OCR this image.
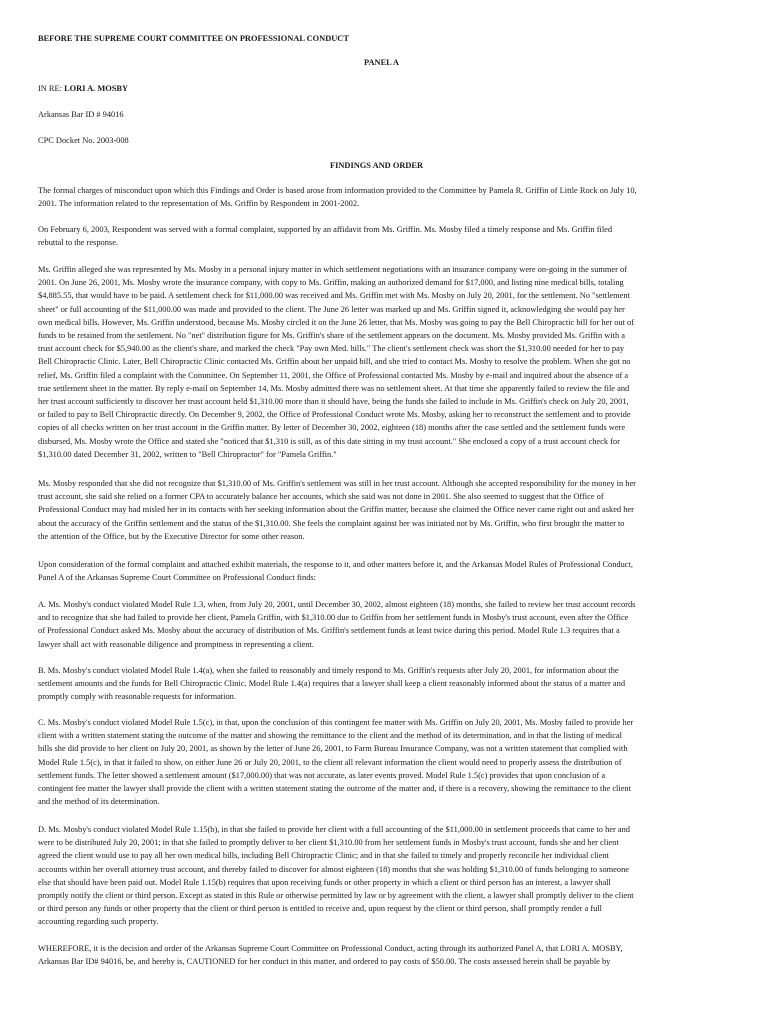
BEFORE THE SUPREME COURT COMMITTEE ON PROFESSIONAL CONDUCT
PANEL A
IN RE: LORI A. MOSBY
Arkansas Bar ID # 94016
CPC Docket No. 2003-008
FINDINGS AND ORDER
The formal charges of misconduct upon which this Findings and Order is based arose from information provided to the Committee by Pamela R. Griffin of Little Rock on July 10,
2001. The information related to the representation of Ms. Griffin by Respondent in 2001-2002.
On February 6, 2003, Respondent was served with a formal complaint, supported by an affidavit from Ms. Griffin. Ms. Mosby filed a timely response and Ms. Griffin filed
rebuttal to the response.
Ms. Griffin alleged she was represented by Ms. Mosby in a personal injury matter in which settlement negotiations with an insurance company were on-going in the summer of
2001. On June 26, 2001, Ms. Mosby wrote the insurance company, with copy to Ms. Griffin, making an authorized demand for $17,000, and listing nine medical bills, totaling
$4,885.55, that would have to be paid. A settlement check for $11,000.00 was received and Ms. Griffin met with Ms. Mosby on July 20, 2001, for the settlement. No "settlement
sheet" or full accounting of the $11,000.00 was made and provided to the client. The June 26 letter was marked up and Ms. Griffin signed it, acknowledging she would pay her
own medical bills. However, Ms. Griffin understood, because Ms. Mosby circled it on the June 26 letter, that Ms. Mosby was going to pay the Bell Chiropractic bill for her out of
funds to be retained from the settlement. No "net" distribution figure for Ms. Griffin's share of the settlement appears on the document. Ms. Mosby provided Ms. Griffin with a
trust account check for $5,940.00 as the client's share, and marked the check "Pay own Med. bills." The client's settlement check was short the $1,310.00 needed for her to pay
Bell Chiropractic Clinic. Later, Bell Chiropractic Clinic contacted Ms. Griffin about her unpaid bill, and she tried to contact Ms. Mosby to resolve the problem. When she got no
relief, Ms. Griffin filed a complaint with the Committee. On September 11, 2001, the Office of Professional contacted Ms. Mosby by e-mail and inquired about the absence of a
true settlement sheet in the matter. By reply e-mail on September 14, Ms. Mosby admitted there was no settlement sheet. At that time she apparently failed to review the file and
her trust account sufficiently to discover her trust account held $1,310.00 more than it should have, being the funds she failed to include in Ms. Griffin's check on July 20, 2001,
or failed to pay to Bell Chiropractic directly. On December 9, 2002, the Office of Professional Conduct wrote Ms. Mosby, asking her to reconstruct the settlement and to provide
copies of all checks written on her trust account in the Griffin matter. By letter of December 30, 2002, eighteen (18) months after the case settled and the settlement funds were
disbursed, Ms. Mosby wrote the Office and stated she "noticed that $1,310 is still, as of this date sitting in my trust account." She enclosed a copy of a trust account check for
$1,310.00 dated December 31, 2002, written to "Bell Chiropractor" for "Pamela Griffin."
Ms. Mosby responded that she did not recognize that $1,310.00 of Ms. Griffin's settlement was still in her trust account. Although she accepted responsibility for the money in her
trust account, she said she relied on a former CPA to accurately balance her accounts, which she said was not done in 2001. She also seemed to suggest that the Office of
Professional Conduct may had misled her in its contacts with her seeking information about the Griffin matter, because she claimed the Office never came right out and asked her
about the accuracy of the Griffin settlement and the status of the $1,310.00. She feels the complaint against her was initiated not by Ms. Griffin, who first brought the matter to
the attention of the Office, but by the Executive Director for some other reason.
Upon consideration of the formal complaint and attached exhibit materials, the response to it, and other matters before it, and the Arkansas Model Rules of Professional Conduct,
Panel A of the Arkansas Supreme Court Committee on Professional Conduct finds:
A. Ms. Mosby's conduct violated Model Rule 1.3, when, from July 20, 2001, until December 30, 2002, almost eighteen (18) months, she failed to review her trust account records
and to recognize that she had failed to provide her client, Pamela Griffin, with $1,310.00 due to Griffin from her settlement funds in Mosby's trust account, even after the Office
of Professional Conduct asked Ms. Mosby about the accuracy of distribution of Ms. Griffin's settlement funds at least twice during this period. Model Rule 1.3 requires that a
lawyer shall act with reasonable diligence and promptness in representing a client.
B. Ms. Mosby's conduct violated Model Rule 1.4(a), when she failed to reasonably and timely respond to Ms. Griffin's requests after July 20, 2001, for information about the
settlement amounts and the funds for Bell Chiropractic Clinic. Model Rule 1.4(a) requires that a lawyer shall keep a client reasonably informed about the status of a matter and
promptly comply with reasonable requests for information.
C. Ms. Mosby's conduct violated Model Rule 1.5(c), in that, upon the conclusion of this contingent fee matter with Ms. Griffin on July 20, 2001, Ms. Mosby failed to provide her
client with a written statement stating the outcome of the matter and showing the remittance to the client and the method of its determination, and in that the listing of medical
bills she did provide to her client on July 20, 2001, as shown by the letter of June 26, 2001, to Farm Bureau Insurance Company, was not a written statement that complied with
Model Rule 1.5(c), in that it failed to show, on either June 26 or July 20, 2001, to the client all relevant information the client would need to properly assess the distribution of
settlement funds. The letter showed a settlement amount ($17,000.00) that was not accurate, as later events proved. Model Rule 1.5(c) provides that upon conclusion of a
contingent fee matter the lawyer shall provide the client with a written statement stating the outcome of the matter and, if there is a recovery, showing the remittance to the client
and the method of its determination.
D. Ms. Mosby's conduct violated Model Rule 1.15(b), in that she failed to provide her client with a full accounting of the $11,000.00 in settlement proceeds that came to her and
were to be distributed July 20, 2001; in that she failed to promptly deliver to her client $1,310.00 from her settlement funds in Mosby's trust account, funds she and her client
agreed the client would use to pay all her own medical bills, including Bell Chiropractic Clinic; and in that she failed to timely and properly reconcile her individual client
accounts within her overall attorney trust account, and thereby failed to discover for almost eighteen (18) months that she was holding $1,310.00 of funds belonging to someone
else that should have been paid out. Model Rule 1.15(b) requires that upon receiving funds or other property in which a client or third person has an interest, a lawyer shall
promptly notify the client or third person. Except as stated in this Rule or otherwise permitted by law or by agreement with the client, a lawyer shall promptly deliver to the client
or third person any funds or other property that the client or third person is entitled to receive and, upon request by the client or third person, shall promptly render a full
accounting regarding such property.
WHEREFORE, it is the decision and order of the Arkansas Supreme Court Committee on Professional Conduct, acting through its authorized Panel A, that LORI A. MOSBY,
Arkansas Bar ID# 94016, be, and hereby is, CAUTIONED for her conduct in this matter, and ordered to pay costs of $50.00. The costs assessed herein shall be payable by
